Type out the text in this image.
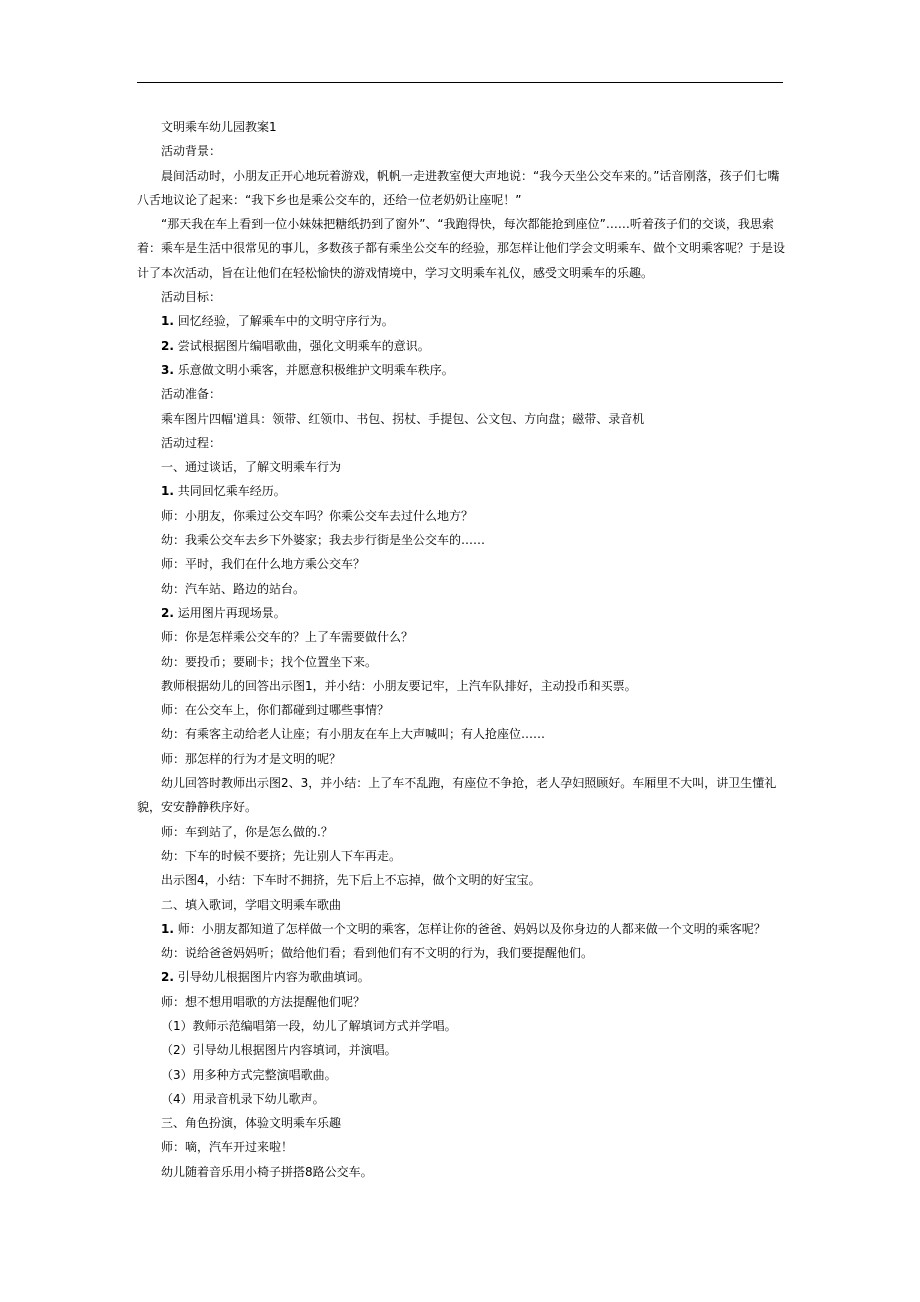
文明乘车幼儿园教案1

活动背景：

晨间活动时，小朋友正开心地玩着游戏，帆帆一走进教室便大声地说：“我今天坐公交车来的。”话音刚落，孩子们七嘴八舌地议论了起来：“我下乡也是乘公交车的，还给一位老奶奶让座呢！”

“那天我在车上看到一位小妹妹把糖纸扔到了窗外”、“我跑得快，每次都能抢到座位”……听着孩子们的交谈，我思索着：乘车是生活中很常见的事儿，多数孩子都有乘坐公交车的经验，那怎样让他们学会文明乘车、做个文明乘客呢？于是设计了本次活动，旨在让他们在轻松愉快的游戏情境中，学习文明乘车礼仪，感受文明乘车的乐趣。

活动目标：

1. 回忆经验，了解乘车中的文明守序行为。

2. 尝试根据图片编唱歌曲，强化文明乘车的意识。

3. 乐意做文明小乘客，并愿意积极维护文明乘车秩序。

活动准备：

乘车图片四幅'道具：领带、红领巾、书包、拐杖、手提包、公文包、方向盘；磁带、录音机

活动过程：

一、通过谈话，了解文明乘车行为

1. 共同回忆乘车经历。

师：小朋友，你乘过公交车吗？你乘公交车去过什么地方？

幼：我乘公交车去乡下外婆家；我去步行街是坐公交车的……

师：平时，我们在什么地方乘公交车？

幼：汽车站、路边的站台。

2. 运用图片再现场景。

师：你是怎样乘公交车的？上了车需要做什么？

幼：要投币；要刷卡；找个位置坐下来。

教师根据幼儿的回答出示图1，并小结：小朋友要记牢，上汽车队排好，主动投币和买票。

师：在公交车上，你们都碰到过哪些事情？

幼：有乘客主动给老人让座；有小朋友在车上大声喊叫；有人抢座位……

师：那怎样的行为才是文明的呢？

幼儿回答时教师出示图2、3，并小结：上了车不乱跑，有座位不争抢，老人孕妇照顾好。车厢里不大叫，讲卫生懂礼貌，安安静静秩序好。

师：车到站了，你是怎么做的.？

幼：下车的时候不要挤；先让别人下车再走。

出示图4，小结：下车时不拥挤，先下后上不忘掉，做个文明的好宝宝。

二、填入歌词，学唱文明乘车歌曲

1. 师：小朋友都知道了怎样做一个文明的乘客，怎样让你的爸爸、妈妈以及你身边的人都来做一个文明的乘客呢？

幼：说给爸爸妈妈听；做给他们看；看到他们有不文明的行为，我们要提醒他们。

2. 引导幼儿根据图片内容为歌曲填词。

师：想不想用唱歌的方法提醒他们呢？

（1）教师示范编唱第一段，幼儿了解填词方式并学唱。

（2）引导幼儿根据图片内容填词，并演唱。

（3）用多种方式完整演唱歌曲。

（4）用录音机录下幼儿歌声。

三、角色扮演，体验文明乘车乐趣

师：嘀，汽车开过来啦！

幼儿随着音乐用小椅子拼搭8路公交车。
